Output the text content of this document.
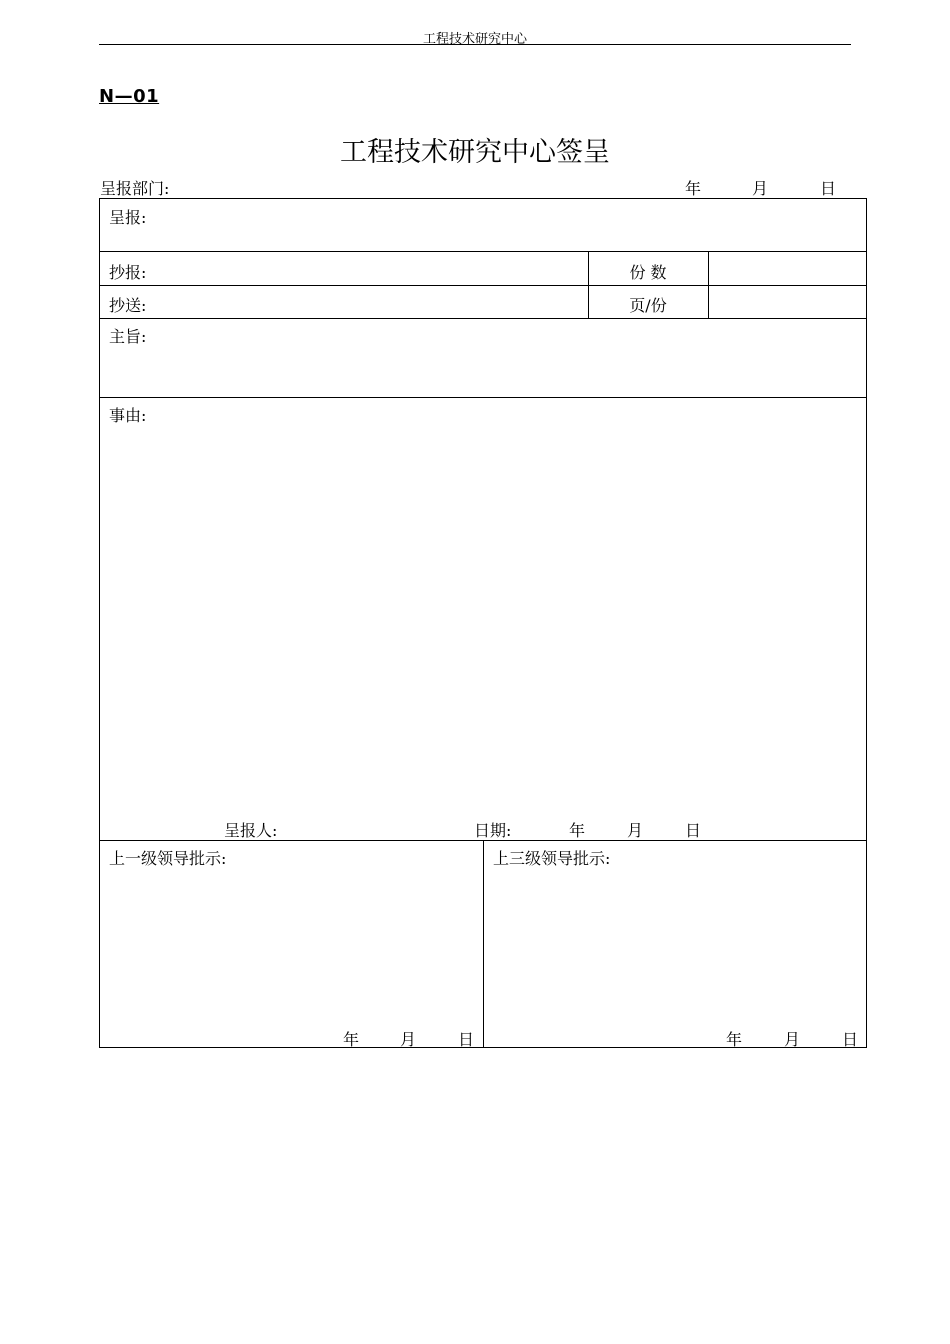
工程技术研究中心
N—01
工程技术研究中心签呈
呈报部门:	年	月	日
呈报:
抄报:	份 数
抄送:	页/份
主旨:
事由:
呈报人:	日期:	年	月	日
上一级领导批示:
年	月	日
上三级领导批示:
年	月	日
